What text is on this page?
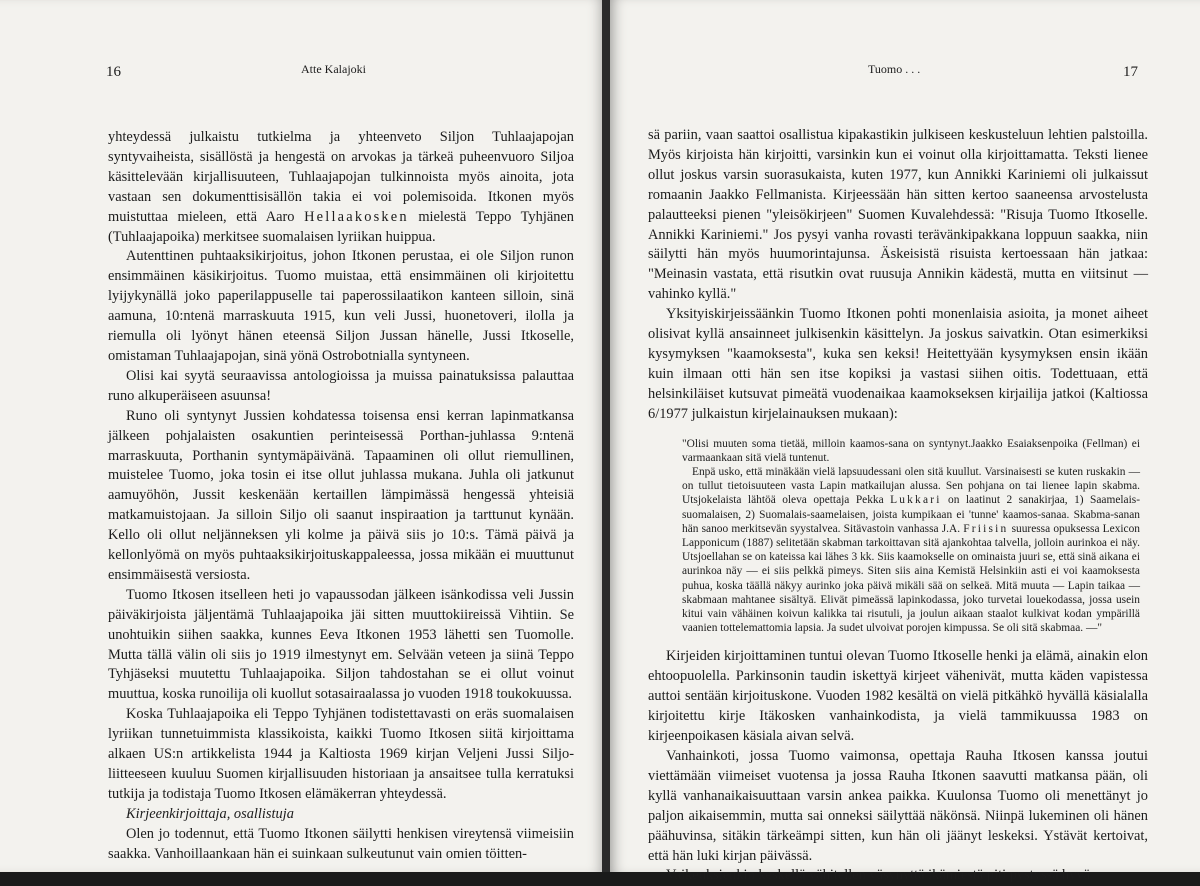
16	Atte Kalajoki

yhteydessä julkaistu tutkielma ja yhteenveto Siljon Tuhlaajapojan syntyvaiheista, sisällöstä ja hengestä on arvokas ja tärkeä puheenvuoro Siljoa käsittelevään kirjallisuuteen, Tuhlaajapojan tulkinnoista myös ainoita, jota vastaan sen dokumenttisisällön takia ei voi polemisoida. Itkonen myös muistuttaa mieleen, että Aaro Hellaakosken mielestä Teppo Tyhjänen (Tuhlaajapoika) merkitsee suomalaisen lyriikan huippua.

Autenttinen puhtaaksikirjoitus, johon Itkonen perustaa, ei ole Siljon runon ensimmäinen käsikirjoitus. Tuomo muistaa, että ensimmäinen oli kirjoitettu lyijykynällä joko paperilappuselle tai paperossilaatikon kanteen silloin, sinä aamuna, 10:ntenä marraskuuta 1915, kun veli Jussi, huonetoveri, ilolla ja riemulla oli lyönyt hänen eteensä Siljon Jussan hänelle, Jussi Itkoselle, omistaman Tuhlaajapojan, sinä yönä Ostrobotnialla syntyneen.

Olisi kai syytä seuraavissa antologioissa ja muissa painatuksissa palauttaa runo alkuperäiseen asuunsa!

Runo oli syntynyt Jussien kohdatessa toisensa ensi kerran lapinmatkansa jälkeen pohjalaisten osakuntien perinteisessä Porthan-juhlassa 9:ntenä marraskuuta, Porthanin syntymäpäivänä. Tapaaminen oli ollut riemullinen, muistelee Tuomo, joka tosin ei itse ollut juhlassa mukana. Juhla oli jatkunut aamuyöhön, Jussit keskenään kertaillen lämpimässä hengessä yhteisiä matkamuistojaan. Ja silloin Siljo oli saanut inspiraation ja tarttunut kynään. Kello oli ollut neljänneksen yli kolme ja päivä siis jo 10:s. Tämä päivä ja kellonlyömä on myös puhtaaksikirjoituskappaleessa, jossa mikään ei muuttunut ensimmäisestä versiosta.

Tuomo Itkosen itselleen heti jo vapaussodan jälkeen isänkodissa veli Jussin päiväkirjoista jäljentämä Tuhlaajapoika jäi sitten muuttokiireissä Vihtiin. Se unohtuikin siihen saakka, kunnes Eeva Itkonen 1953 lähetti sen Tuomolle. Mutta tällä välin oli siis jo 1919 ilmestynyt em. Selvään veteen ja siinä Teppo Tyhjäseksi muutettu Tuhlaajapoika. Siljon tahdostahan se ei ollut voinut muuttua, koska runoilija oli kuollut sotasairaalassa jo vuoden 1918 toukokuussa.

Koska Tuhlaajapoika eli Teppo Tyhjänen todistettavasti on eräs suomalaisen lyriikan tunnetuimmista klassikoista, kaikki Tuomo Itkosen siitä kirjoittama alkaen US:n artikkelista 1944 ja Kaltiosta 1969 kirjan Veljeni Jussi Siljo-liitteeseen kuuluu Suomen kirjallisuuden historiaan ja ansaitsee tulla kerratuksi tutkija ja todistaja Tuomo Itkosen elämäkerran yhteydessä.

Kirjeenkirjoittaja, osallistuja

Olen jo todennut, että Tuomo Itkonen säilytti henkisen vireytensä viimeisiin saakka. Vanhoillaankaan hän ei suinkaan sulkeutunut vain omien töitten-

Tuomo . . .	17

sä pariin, vaan saattoi osallistua kipakastikin julkiseen keskusteluun lehtien palstoilla. Myös kirjoista hän kirjoitti, varsinkin kun ei voinut olla kirjoittamatta. Teksti lienee ollut joskus varsin suorasukaista, kuten 1977, kun Annikki Kariniemi oli julkaissut romaanin Jaakko Fellmanista. Kirjeessään hän sitten kertoo saaneensa arvostelusta palautteeksi pienen "yleisökirjeen" Suomen Kuvalehdessä: "Risuja Tuomo Itkoselle. Annikki Kariniemi." Jos pysyi vanha rovasti terävänkipakkana loppuun saakka, niin säilytti hän myös huumorintajunsa. Äskeisistä risuista kertoessaan hän jatkaa: "Meinasin vastata, että risutkin ovat ruusuja Annikin kädestä, mutta en viitsinut — vahinko kyllä."

Yksityiskirjeissäänkin Tuomo Itkonen pohti monenlaisia asioita, ja monet aiheet olisivat kyllä ansainneet julkisenkin käsittelyn. Ja joskus saivatkin. Otan esimerkiksi kysymyksen "kaamoksesta", kuka sen keksi! Heitettyään kysymyksen ensin ikään kuin ilmaan otti hän sen itse kopiksi ja vastasi siihen oitis. Todettuaan, että helsinkiläiset kutsuvat pimeätä vuodenaikaa kaamokseksen kirjailija jatkoi (Kaltiossa 6/1977 julkaistun kirjelainauksen mukaan):

"Olisi muuten soma tietää, milloin kaamos-sana on syntynyt.Jaakko Esaiaksenpoika (Fellman) ei varmaankaan sitä vielä tuntenut.

Enpä usko, että minäkään vielä lapsuudessani olen sitä kuullut. Varsinaisesti se kuten ruskakin — on tullut tietoisuuteen vasta Lapin matkailujan alussa. Sen pohjana on tai lienee lapin skabma. Utsjokelaista lähtöä oleva opettaja Pekka Lukkari on laatinut 2 sanakirjaa, 1) Saamelais-suomalaisen, 2) Suomalais-saamelaisen, joista kumpikaan ei 'tunne' kaamos-sanaa. Skabma-sanan hän sanoo merkitsevän syystalvea. Sitävastoin vanhassa J.A. Friisin suuressa opuksessa Lexicon Lapponicum (1887) selitetään skabman tarkoittavan sitä ajankohtaa talvella, jolloin aurinkoa ei näy. Utsjoellahan se on kateissa kai lähes 3 kk. Siis kaamokselle on ominaista juuri se, että sinä aikana ei aurinkoa näy — ei siis pelkkä pimeys. Siten siis aina Kemistä Helsinkiin asti ei voi kaamoksesta puhua, koska täällä näkyy aurinko joka päivä mikäli sää on selkeä. Mitä muuta — Lapin taikaa — skabmaan mahtanee sisältyä. Elivät pimeässä lapinkodassa, joko turvetai louekodassa, jossa usein kitui vain vähäinen koivun kalikka tai risutuli, ja joulun aikaan staalot kulkivat kodan ympärillä vaanien tottelemattomia lapsia. Ja sudet ulvoivat porojen kimpussa. Se oli sitä skabmaa. —"

Kirjeiden kirjoittaminen tuntui olevan Tuomo Itkoselle henki ja elämä, ainakin elon ehtoopuolella. Parkinsonin taudin iskettyä kirjeet vähenivät, mutta käden vapistessa auttoi sentään kirjoituskone. Vuoden 1982 kesältä on vielä pitkähkö hyvällä käsialalla kirjoitettu kirje Itäkosken vanhainkodista, ja vielä tammikuussa 1983 on kirjeenpoikasen käsiala aivan selvä.

Vanhainkoti, jossa Tuomo vaimonsa, opettaja Rauha Itkosen kanssa joutui viettämään viimeiset vuotensa ja jossa Rauha Itkonen saavutti matkansa pään, oli kyllä vanhanaikaisuuttaan varsin ankea paikka. Kuulonsa Tuomo oli menettänyt jo paljon aikaisemmin, mutta sai onneksi säilyttää näkönsä. Niinpä lukeminen oli hänen päähuvinsa, sitäkin tärkeämpi sitten, kun hän oli jäänyt leskeksi. Ystävät kertoivat, että hän luki kirjan päivässä.

Vaikeuksienkin keskellä vähitellen väsynyttä ikämiestä piti pystyssä hyvä
